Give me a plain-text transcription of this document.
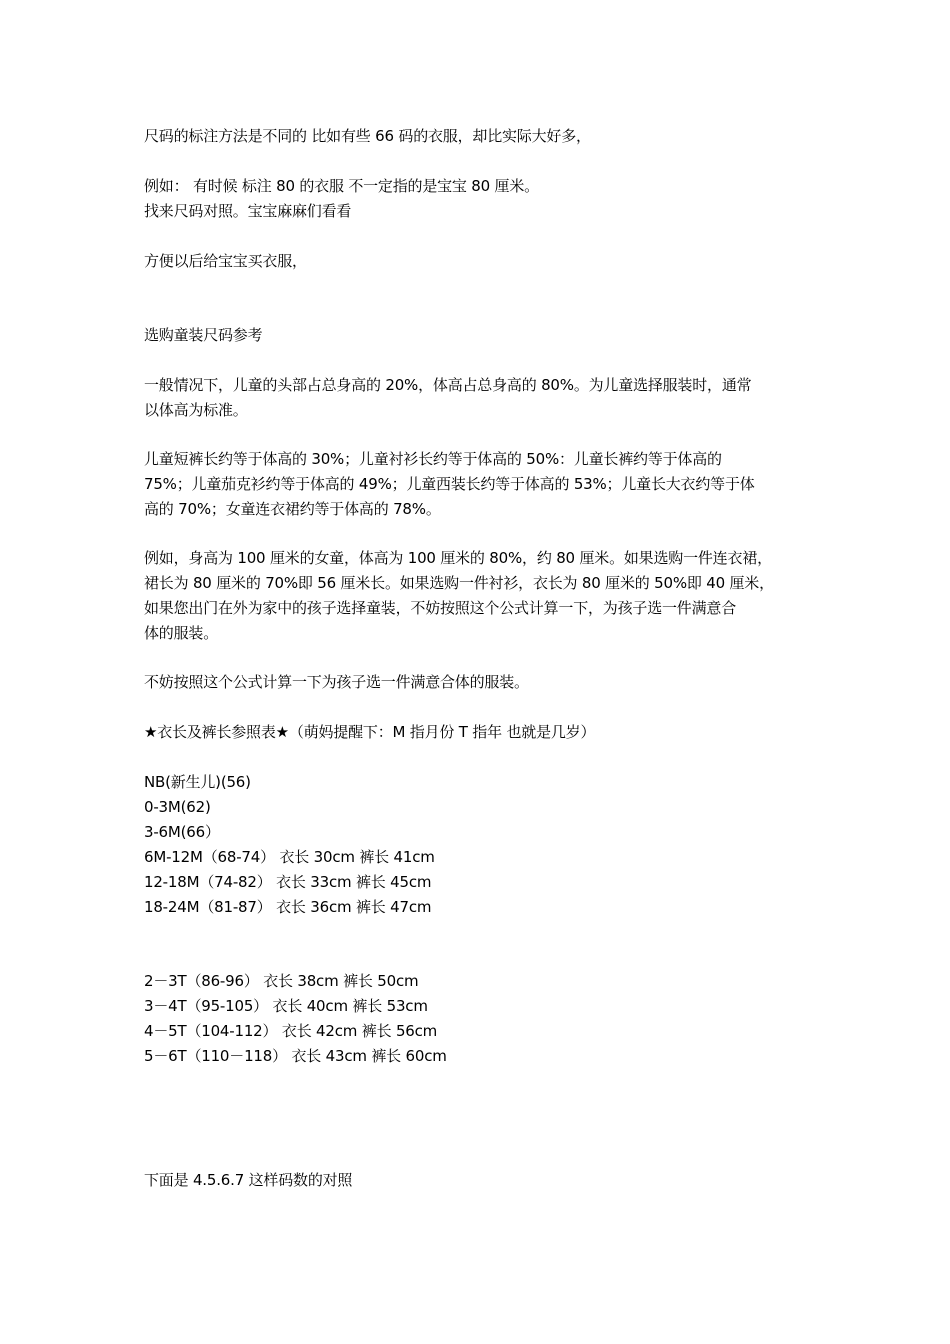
尺码的标注方法是不同的 比如有些 66 码的衣服，却比实际大好多，
例如： 有时候 标注 80 的衣服 不一定指的是宝宝 80 厘米。
找来尺码对照。宝宝麻麻们看看
方便以后给宝宝买衣服，
选购童装尺码参考
一般情况下，儿童的头部占总身高的 20%，体高占总身高的 80%。为儿童选择服装时，通常
以体高为标准。
儿童短裤长约等于体高的 30%；儿童衬衫长约等于体高的 50%：儿童长裤约等于体高的
75%；儿童茄克衫约等于体高的 49%；儿童西装长约等于体高的 53%；儿童长大衣约等于体
高的 70%；女童连衣裙约等于体高的 78%。
例如，身高为 100 厘米的女童，体高为 100 厘米的 80%，约 80 厘米。如果选购一件连衣裙，
裙长为 80 厘米的 70%即 56 厘米长。如果选购一件衬衫，衣长为 80 厘米的 50%即 40 厘米，
如果您出门在外为家中的孩子选择童装，不妨按照这个公式计算一下，为孩子选一件满意合
体的服装。
不妨按照这个公式计算一下为孩子选一件满意合体的服装。
★衣长及裤长参照表★（萌妈提醒下：M 指月份 T 指年 也就是几岁）
NB(新生儿)(56)
0-3M(62)
3-6M(66）
6M-12M（68-74） 衣长 30cm 裤长 41cm
12-18M（74-82） 衣长 33cm 裤长 45cm
18-24M（81-87） 衣长 36cm 裤长 47cm
2－3T（86-96） 衣长 38cm 裤长 50cm
3－4T（95-105） 衣长 40cm 裤长 53cm
4－5T（104-112） 衣长 42cm 裤长 56cm
5－6T（110－118） 衣长 43cm 裤长 60cm
下面是 4.5.6.7 这样码数的对照
